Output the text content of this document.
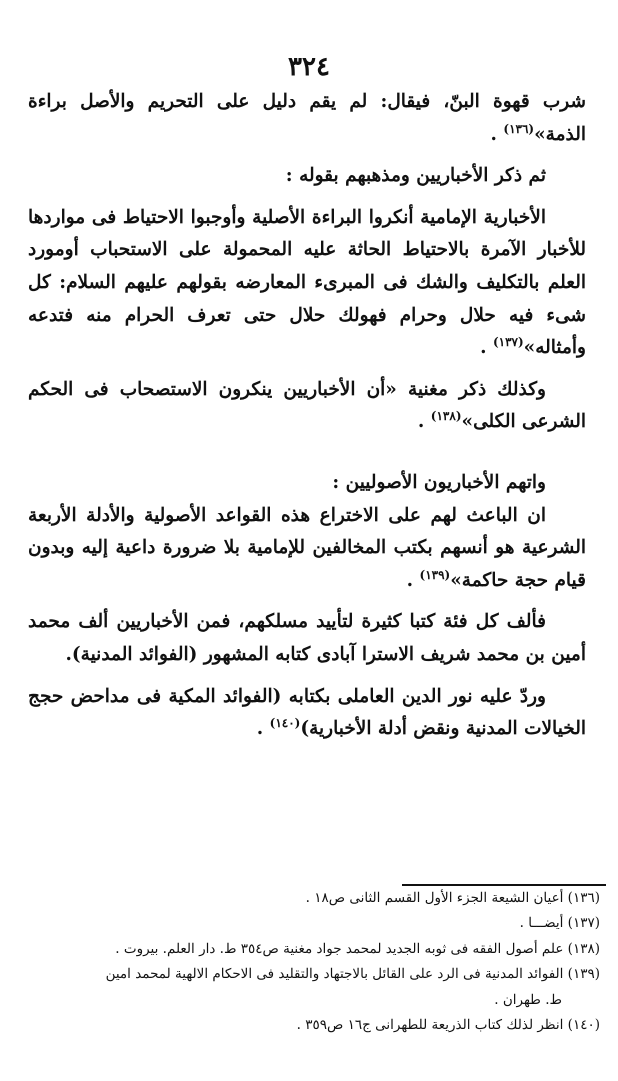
٣٢٤

شرب قهوة البنّ، فيقال: لم يقم دليل على التحريم والأصل براءة الذمة»$^{(١٣٦)}$ .

ثم ذكر الأخباريين ومذهبهم بقوله :

الأخبارية الإمامية أنكروا البراءة الأصلية وأوجبوا الاحتياط فى مواردها للأخبار الآمرة بالاحتياط الحاثة عليه المحمولة على الاستحباب أومورد العلم بالتكليف والشك فى المبرىء المعارضه بقولهم عليهم السلام: كل شىء فيه حلال وحرام فهولك حلال حتى تعرف الحرام منه فتدعه وأمثاله»$^{(١٣٧)}$ .

وكذلك ذكر مغنية «أن الأخباريين ينكرون الاستصحاب فى الحكم الشرعى الكلى»$^{(١٣٨)}$ .

واتهم الأخباريون الأصوليين :

ان الباعث لهم على الاختراع هذه القواعد الأصولية والأدلة الأربعة الشرعية هو أنسهم بكتب المخالفين للإمامية بلا ضرورة داعية إليه وبدون قيام حجة حاكمة»$^{(١٣٩)}$ .

فألف كل فئة كتبا كثيرة لتأييد مسلكهم، فمن الأخباريين ألف محمد أمين بن محمد شريف الاسترا آبادى كتابه المشهور (الفوائد المدنية).

وردّ عليه نور الدين العاملى بكتابه (الفوائد المكية فى مداحض حجج الخيالات المدنية ونقض أدلة الأخبارية)$^{(١٤٠)}$ .

(١٣٦) أعيان الشيعة الجزء الأول القسم الثانى ص١٨ .

(١٣٧) أيضـــا .

(١٣٨) علم أصول الفقه فى ثوبه الجديد لمحمد جواد مغنية ص٣٥٤ ط. دار العلم. بيروت .

(١٣٩) الفوائد المدنية فى الرد على القائل بالاجتهاد والتقليد فى الاحكام الالهية لمحمد امين

ط. طهران .

(١٤٠) انظر لذلك كتاب الذريعة للطهرانى ج١٦ ص٣٥٩ .
